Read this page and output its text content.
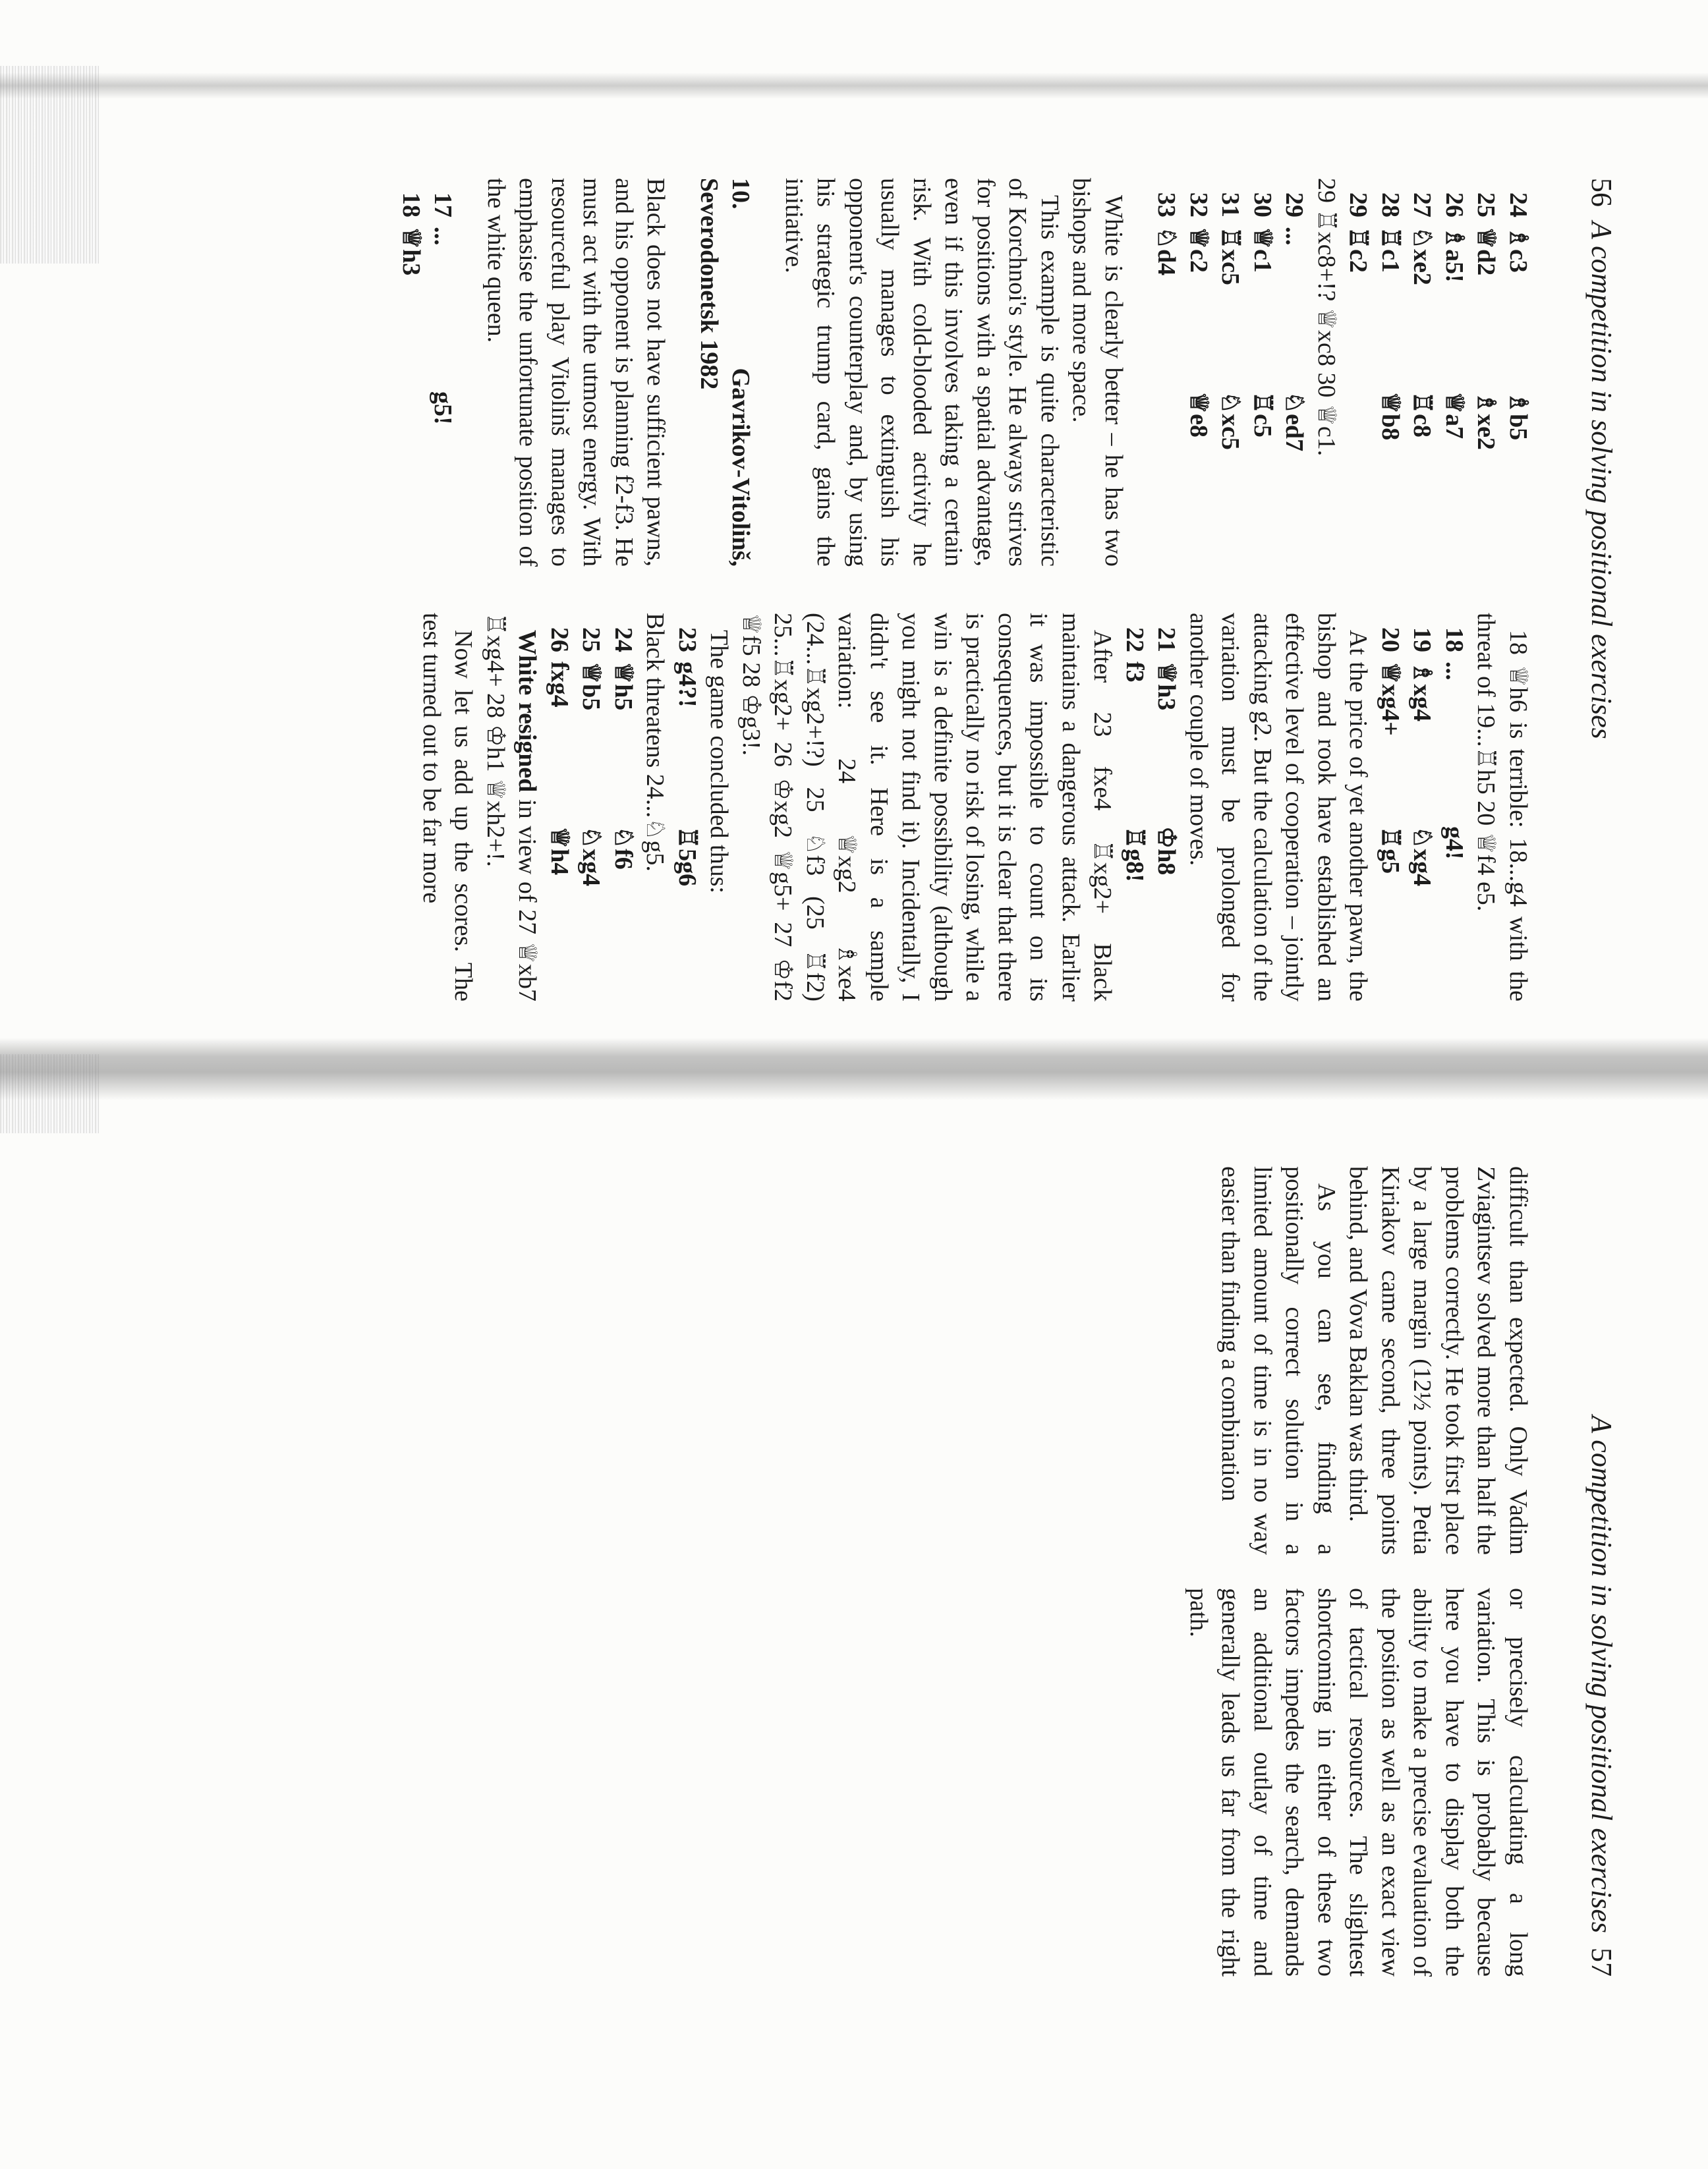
56  A competition in solving positional exercises
24
♗c3
♗b5
25
♕d2
♗xe2
26
♗a5!
♕a7
27
♘xe2
♖c8
28
♖c1
♕b8
29
♖c2
29 ♖xc8+!? ♕xc8 30 ♕c1.
29
...
♘ed7
30
♕c1
♖c5
31
♖xc5
♘xc5
32
♕c2
♕e8
33
♘d4

White is clearly better – he has two bishops and more space.

This example is quite characteristic of Korchnoi's style. He always strives for positions with a spatial advantage, even if this involves taking a certain risk. With cold-blooded activity he usually manages to extinguish his opponent's counterplay and, by using his strategic trump card, gains the initiative.

10. Gavrikov-Vitolinš, Severodonetsk 1982

Black does not have sufficient pawns, and his opponent is planning f2-f3. He must act with the utmost energy. With resourceful play Vitolinš manages to emphasise the unfortunate position of the white queen.

17
...
g5!
18
♕h3

18 ♕h6 is terrible: 18...g4 with the threat of 19...♖h5 20 ♕f4 e5.

18
...
g4!
19
♗xg4
♘xg4
20
♕xg4+
♖g5

At the price of yet another pawn, the bishop and rook have established an effective level of cooperation – jointly attacking g2. But the calculation of the variation must be prolonged for another couple of moves.

21
♕h3
♔h8
22
f3
♖g8!

After 23 fxe4 ♖xg2+ Black maintains a dangerous attack. Earlier it was impossible to count on its consequences, but it is clear that there is practically no risk of losing, while a win is a definite possibility (although you might not find it). Incidentally, I didn't see it. Here is a sample variation: 24 ♕xg2 ♗xe4 (24...♖xg2+!?) 25 ♘f3 (25 ♖f2) 25...♖xg2+ 26 ♔xg2 ♕g5+ 27 ♔f2 ♕f5 28 ♔g3!.

The game concluded thus:

23
g4?!
♖5g6

Black threatens 24...♘g5.

24
♕h5
♘f6
25
♕b5
♘xg4
26
fxg4
♕h4

White resigned in view of 27 ♕xb7 ♖xg4+ 28 ♔h1 ♕xh2+!.

Now let us add up the scores. The test turned out to be far more

A competition in solving positional exercises  57

difficult than expected. Only Vadim Zviagintsev solved more than half the problems correctly. He took first place by a large margin (12½ points). Petia Kiriakov came second, three points behind, and Vova Baklan was third.

As you can see, finding a positionally correct solution in a limited amount of time is in no way easier than finding a combination

or precisely calculating a long variation. This is probably because here you have to display both the ability to make a precise evaluation of the position as well as an exact view of tactical resources. The slightest shortcoming in either of these two factors impedes the search, demands an additional outlay of time and generally leads us far from the right path.
